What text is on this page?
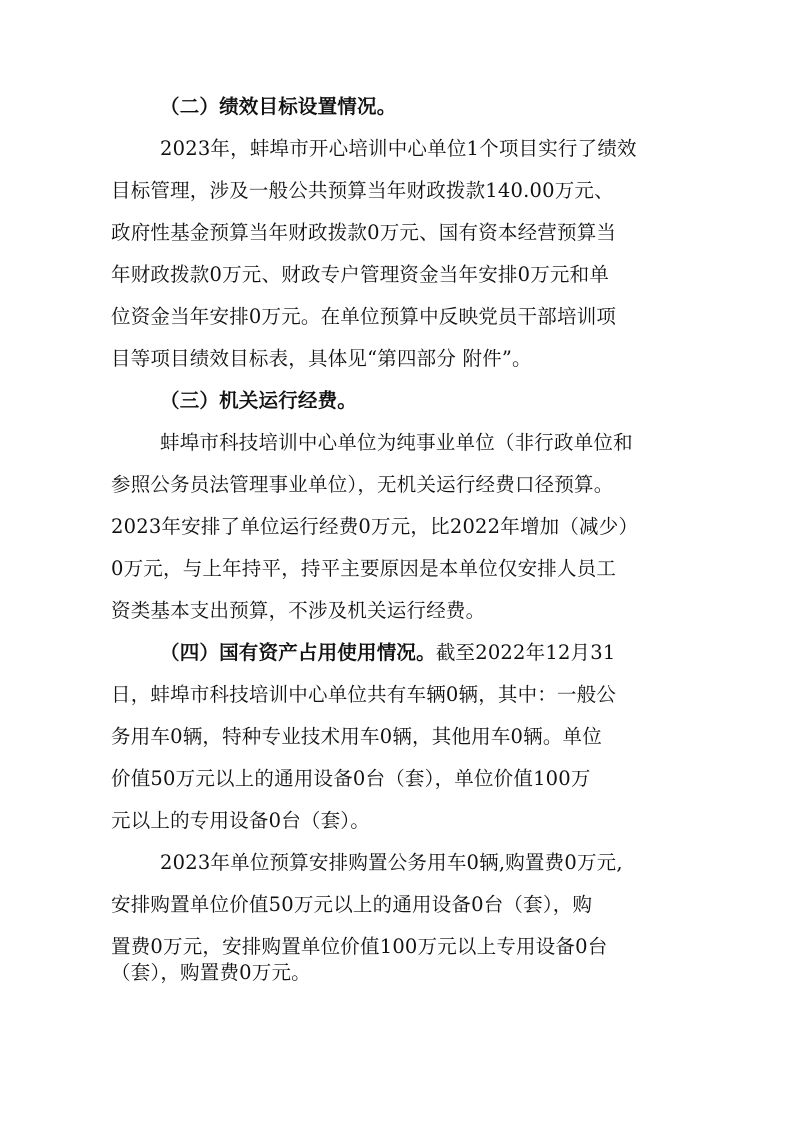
（二）绩效目标设置情况。
2023年，蚌埠市开心培训中心单位1个项目实行了绩效
目标管理，涉及一般公共预算当年财政拨款140.00万元、
政府性基金预算当年财政拨款0万元、国有资本经营预算当
年财政拨款0万元、财政专户管理资金当年安排0万元和单
位资金当年安排0万元。在单位预算中反映党员干部培训项
目等项目绩效目标表，具体见“第四部分 附件”。
（三）机关运行经费。
蚌埠市科技培训中心单位为纯事业单位（非行政单位和
参照公务员法管理事业单位），无机关运行经费口径预算。
2023年安排了单位运行经费0万元，比2022年增加（减少）
0万元，与上年持平，持平主要原因是本单位仅安排人员工
资类基本支出预算，不涉及机关运行经费。
（四）国有资产占用使用情况。截至2022年12月31
日，蚌埠市科技培训中心单位共有车辆0辆，其中：一般公
务用车0辆，特种专业技术用车0辆，其他用车0辆。单位
价值50万元以上的通用设备0台（套），单位价值100万
元以上的专用设备0台（套）。
2023年单位预算安排购置公务用车0辆,购置费0万元,
安排购置单位价值50万元以上的通用设备0台（套），购
置费0万元，安排购置单位价值100万元以上专用设备0台
（套），购置费0万元。
